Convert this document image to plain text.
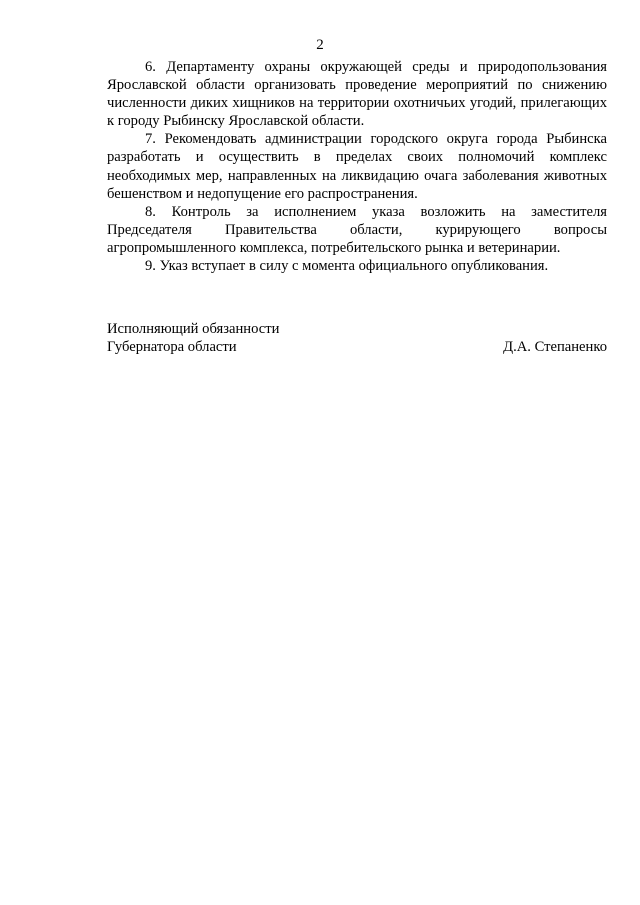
2

6. Департаменту охраны окружающей среды и природопользования Ярославской области организовать проведение мероприятий по снижению численности диких хищников на территории охотничьих угодий, прилегающих к городу Рыбинску Ярославской области.

7. Рекомендовать администрации городского округа города Рыбинска разработать и осуществить в пределах своих полномочий комплекс необходимых мер, направленных на ликвидацию очага заболевания животных бешенством и недопущение его распространения.

8. Контроль за исполнением указа возложить на заместителя Председателя Правительства области, курирующего вопросы агропромышленного комплекса, потребительского рынка и ветеринарии.

9. Указ вступает в силу с момента официального опубликования.

Исполняющий обязанности
Губернатора области	Д.А. Степаненко
